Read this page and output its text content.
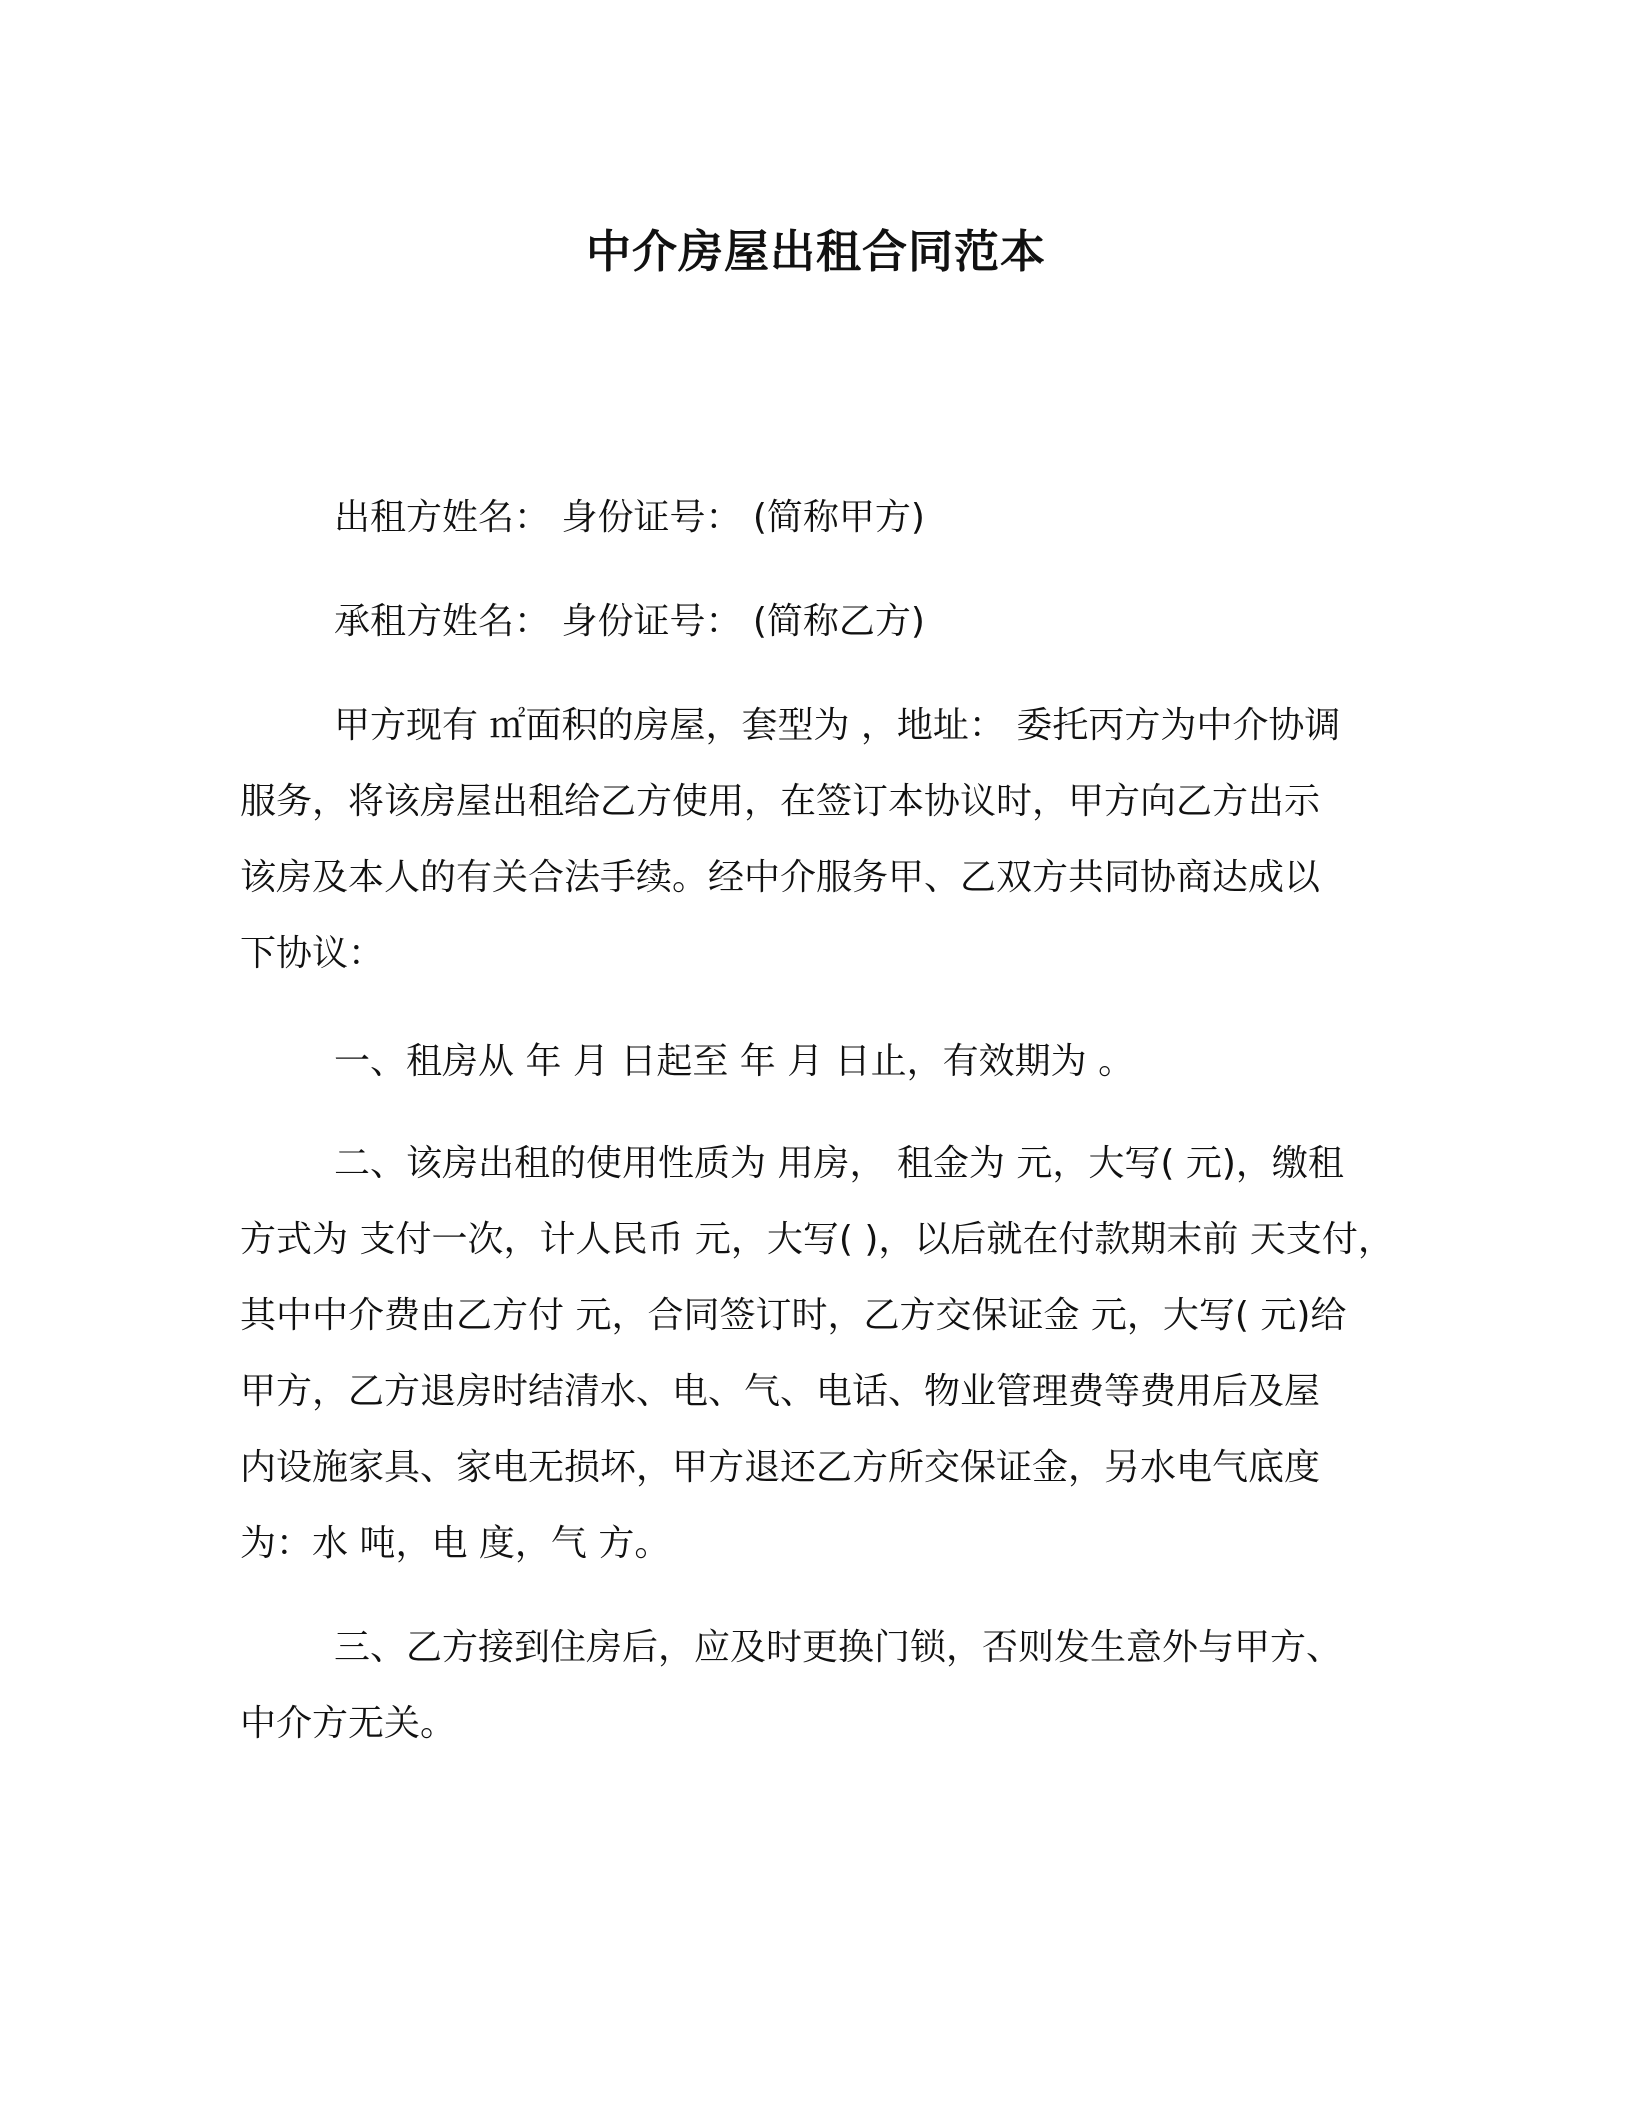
中介房屋出租合同范本
出租方姓名： 身份证号： (简称甲方)
承租方姓名： 身份证号： (简称乙方)
甲方现有 ㎡面积的房屋，套型为 ，地址： 委托丙方为中介协调
服务，将该房屋出租给乙方使用，在签订本协议时，甲方向乙方出示
该房及本人的有关合法手续。经中介服务甲、乙双方共同协商达成以
下协议：
一、租房从 年 月 日起至 年 月 日止，有效期为 。
二、该房出租的使用性质为 用房， 租金为 元，大写( 元)，缴租
方式为 支付一次，计人民币 元，大写( )，以后就在付款期末前 天支付，
其中中介费由乙方付 元，合同签订时，乙方交保证金 元，大写( 元)给
甲方，乙方退房时结清水、电、气、电话、物业管理费等费用后及屋
内设施家具、家电无损坏，甲方退还乙方所交保证金，另水电气底度
为：水 吨，电 度，气 方。
三、乙方接到住房后，应及时更换门锁，否则发生意外与甲方、
中介方无关。
